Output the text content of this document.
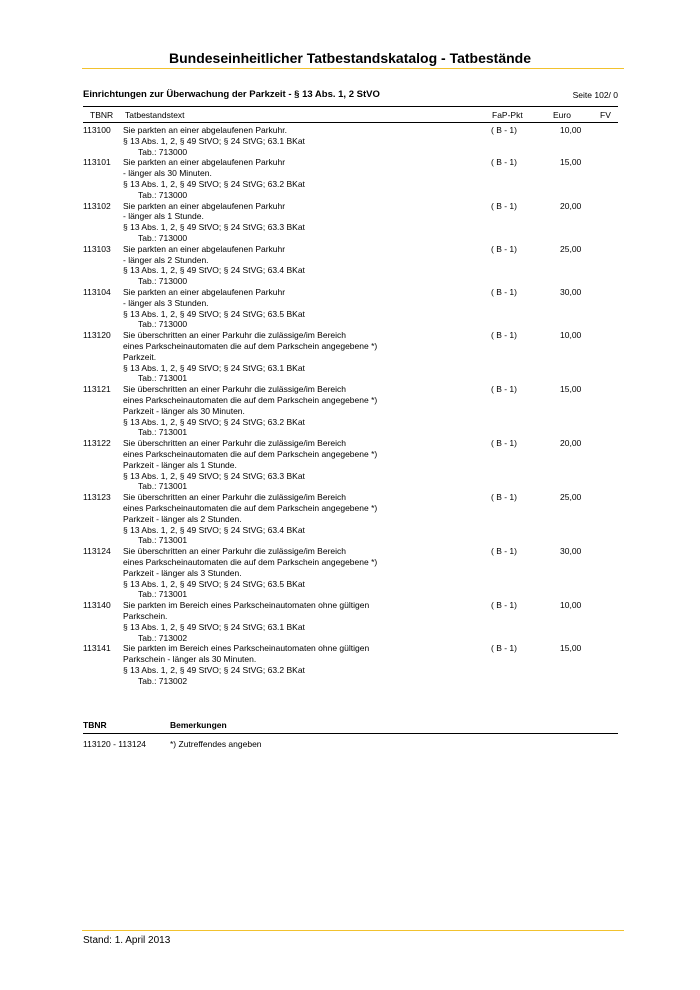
Bundeseinheitlicher Tatbestandskatalog - Tatbestände
Einrichtungen zur Überwachung der Parkzeit - § 13 Abs. 1, 2 StVO	Seite 102/ 0
TBNR Tatbestandstext	FaP-Pkt	Euro	FV
113100 Sie parkten an einer abgelaufenen Parkuhr.
§ 13 Abs. 1, 2, § 49 StVO; § 24 StVG; 63.1 BKat
Tab.: 713000
( B - 1)	10,00
113101 Sie parkten an einer abgelaufenen Parkuhr
- länger als 30 Minuten.
§ 13 Abs. 1, 2, § 49 StVO; § 24 StVG; 63.2 BKat
Tab.: 713000
( B - 1)	15,00
113102 Sie parkten an einer abgelaufenen Parkuhr
- länger als 1 Stunde.
§ 13 Abs. 1, 2, § 49 StVO; § 24 StVG; 63.3 BKat
Tab.: 713000
( B - 1)	20,00
113103 Sie parkten an einer abgelaufenen Parkuhr
- länger als 2 Stunden.
§ 13 Abs. 1, 2, § 49 StVO; § 24 StVG; 63.4 BKat
Tab.: 713000
( B - 1)	25,00
113104 Sie parkten an einer abgelaufenen Parkuhr
- länger als 3 Stunden.
§ 13 Abs. 1, 2, § 49 StVO; § 24 StVG; 63.5 BKat
Tab.: 713000
( B - 1)	30,00
113120 Sie überschritten an einer Parkuhr die zulässige/im Bereich
eines Parkscheinautomaten die auf dem Parkschein angegebene *)
Parkzeit.
§ 13 Abs. 1, 2, § 49 StVO; § 24 StVG; 63.1 BKat
Tab.: 713001
( B - 1)	10,00
113121 Sie überschritten an einer Parkuhr die zulässige/im Bereich
eines Parkscheinautomaten die auf dem Parkschein angegebene *)
Parkzeit - länger als 30 Minuten.
§ 13 Abs. 1, 2, § 49 StVO; § 24 StVG; 63.2 BKat
Tab.: 713001
( B - 1)	15,00
113122 Sie überschritten an einer Parkuhr die zulässige/im Bereich
eines Parkscheinautomaten die auf dem Parkschein angegebene *)
Parkzeit - länger als 1 Stunde.
§ 13 Abs. 1, 2, § 49 StVO; § 24 StVG; 63.3 BKat
Tab.: 713001
( B - 1)	20,00
113123 Sie überschritten an einer Parkuhr die zulässige/im Bereich
eines Parkscheinautomaten die auf dem Parkschein angegebene *)
Parkzeit - länger als 2 Stunden.
§ 13 Abs. 1, 2, § 49 StVO; § 24 StVG; 63.4 BKat
Tab.: 713001
( B - 1)	25,00
113124 Sie überschritten an einer Parkuhr die zulässige/im Bereich
eines Parkscheinautomaten die auf dem Parkschein angegebene *)
Parkzeit - länger als 3 Stunden.
§ 13 Abs. 1, 2, § 49 StVO; § 24 StVG; 63.5 BKat
Tab.: 713001
( B - 1)	30,00
113140 Sie parkten im Bereich eines Parkscheinautomaten ohne gültigen
Parkschein.
§ 13 Abs. 1, 2, § 49 StVO; § 24 StVG; 63.1 BKat
Tab.: 713002
( B - 1)	10,00
113141 Sie parkten im Bereich eines Parkscheinautomaten ohne gültigen
Parkschein - länger als 30 Minuten.
§ 13 Abs. 1, 2, § 49 StVO; § 24 StVG; 63.2 BKat
Tab.: 713002
( B - 1)	15,00
TBNR	Bemerkungen
113120 - 113124	*) Zutreffendes angeben
Stand: 1. April 2013
